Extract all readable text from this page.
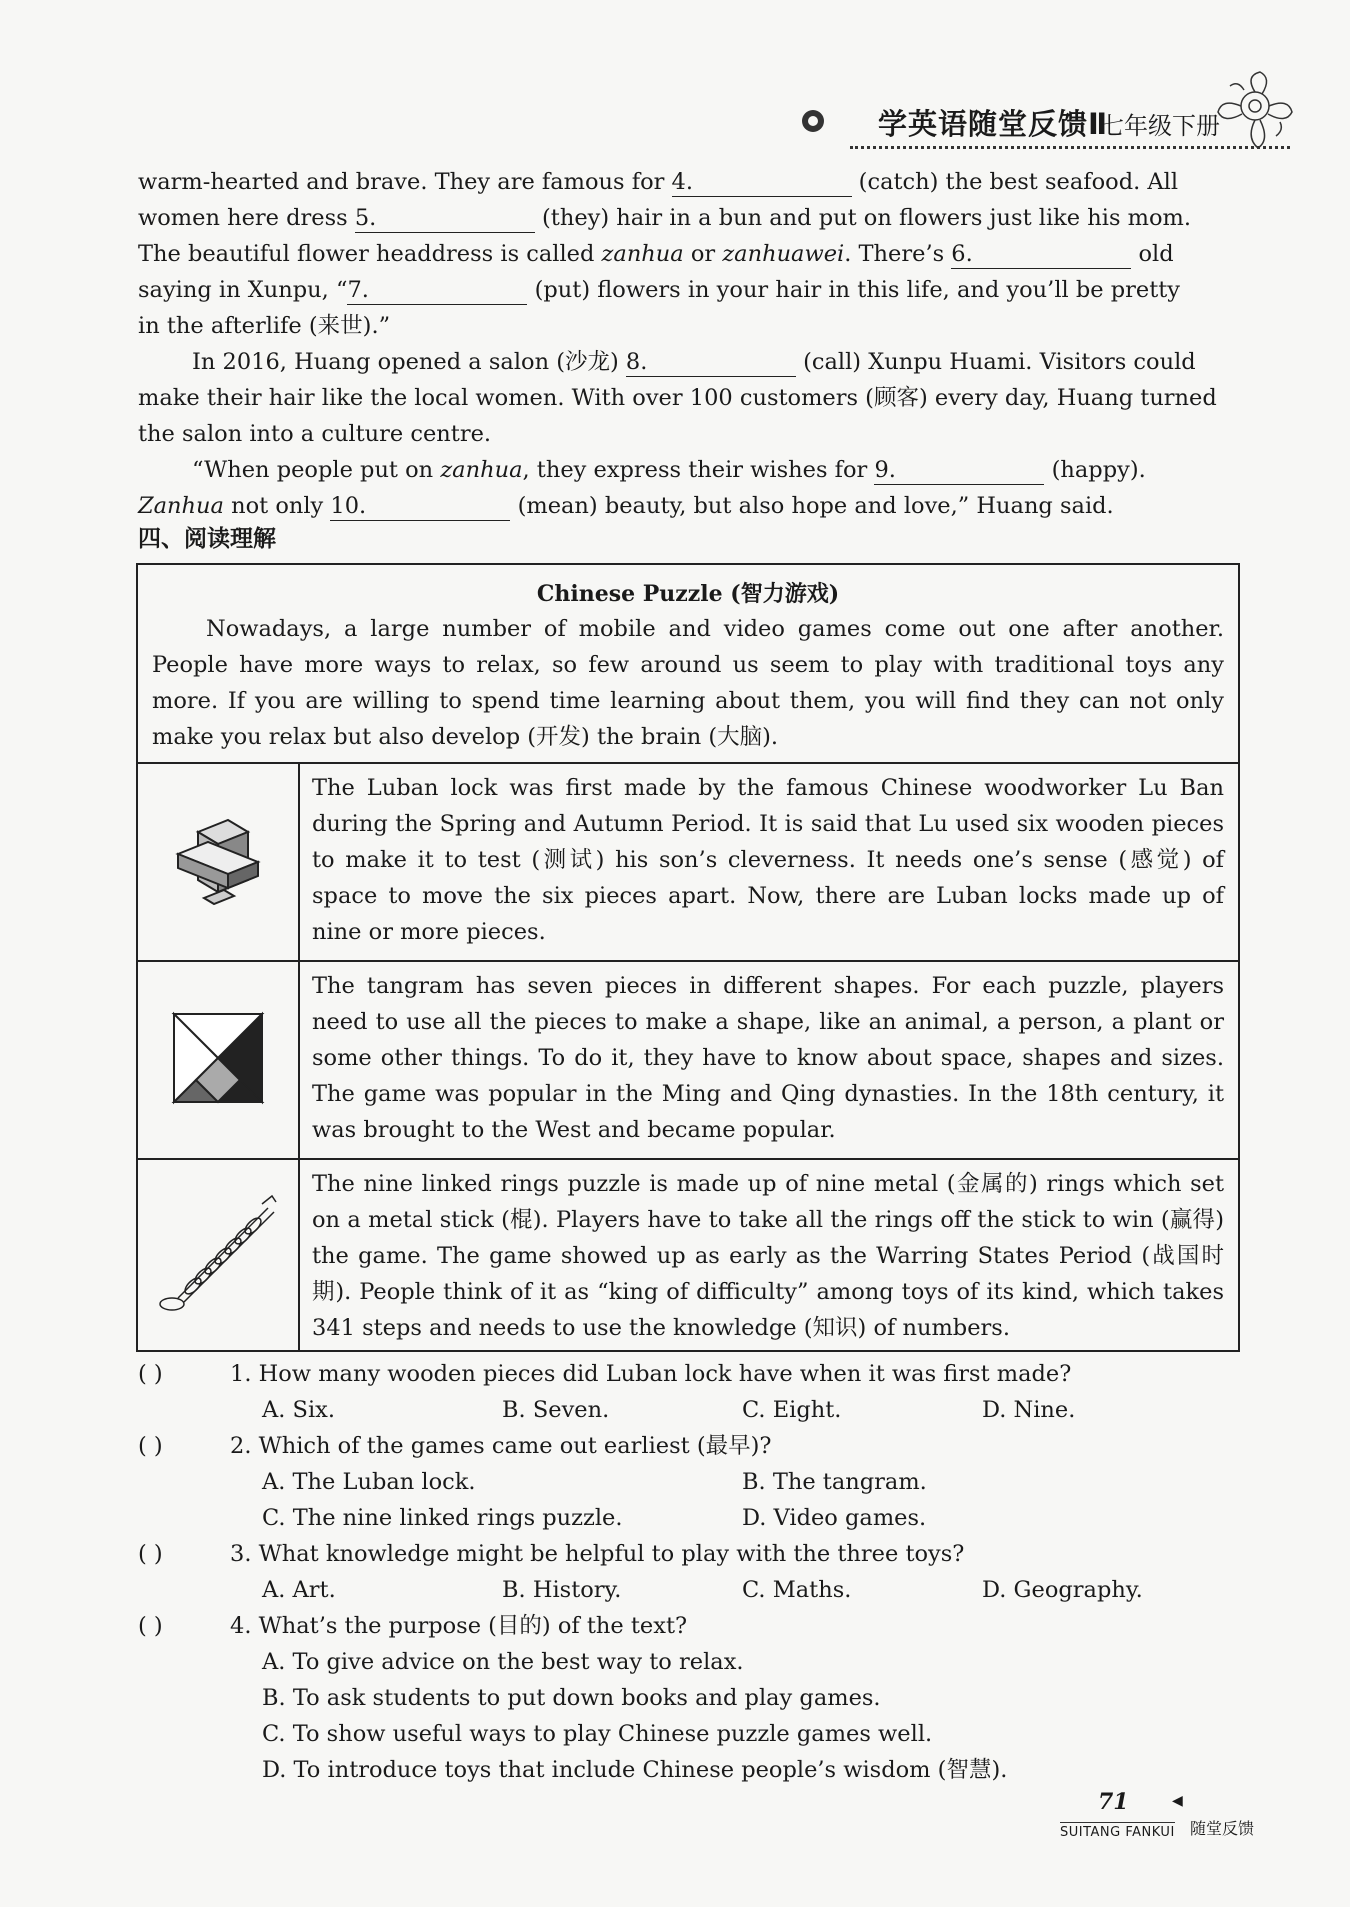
学英语随堂反馈Ⅱ
七年级下册
warm-hearted and brave. They are famous for 4.	(catch) the best seafood. All
women here dress 5.	(they) hair in a bun and put on flowers just like his mom.
The beautiful flower headdress is called zanhua or zanhuawei. There’s 6.	old
saying in Xunpu, “7.	(put) flowers in your hair in this life, and you’ll be pretty
in the afterlife (来世).”
In 2016, Huang opened a salon (沙龙) 8.	(call) Xunpu Huami. Visitors could make their hair like the local women. With over 100 customers (顾客) every day, Huang turned the salon into a culture centre.
“When people put on zanhua, they express their wishes for 9.	(happy). Zanhua not only 10.	(mean) beauty, but also hope and love,” Huang said.
四、阅读理解
Chinese Puzzle (智力游戏)

Nowadays, a large number of mobile and video games come out one after another. People have more ways to relax, so few around us seem to play with traditional toys any more. If you are willing to spend time learning about them, you will find they can not only make you relax but also develop (开发) the brain (大脑).

The Luban lock was first made by the famous Chinese woodworker Lu Ban during the Spring and Autumn Period. It is said that Lu used six wooden pieces to make it to test (测试) his son’s cleverness. It needs one’s sense (感觉) of space to move the six pieces apart. Now, there are Luban locks made up of nine or more pieces.
The tangram has seven pieces in different shapes. For each puzzle, players need to use all the pieces to make a shape, like an animal, a person, a plant or some other things. To do it, they have to know about space, shapes and sizes. The game was popular in the Ming and Qing dynasties. In the 18th century, it was brought to the West and became popular.
The nine linked rings puzzle is made up of nine metal (金属的) rings which set on a metal stick (棍). Players have to take all the rings off the stick to win (赢得) the game. The game showed up as early as the Warring States Period (战国时期). People think of it as “king of difficulty” among toys of its kind, which takes 341 steps and needs to use the knowledge (知识) of numbers.
( )	1. How many wooden pieces did Luban lock have when it was first made?
A. Six.	B. Seven.	C. Eight.	D. Nine.
( )	2. Which of the games came out earliest (最早)?
A. The Luban lock.	B. The tangram.
C. The nine linked rings puzzle.	D. Video games.
( )	3. What knowledge might be helpful to play with the three toys?
A. Art.	B. History.	C. Maths.	D. Geography.
( )	4. What’s the purpose (目的) of the text?
A. To give advice on the best way to relax.
B. To ask students to put down books and play games.
C. To show useful ways to play Chinese puzzle games well.
D. To introduce toys that include Chinese people’s wisdom (智慧).
71	◀
SUITANG FANKUI 随堂反馈
